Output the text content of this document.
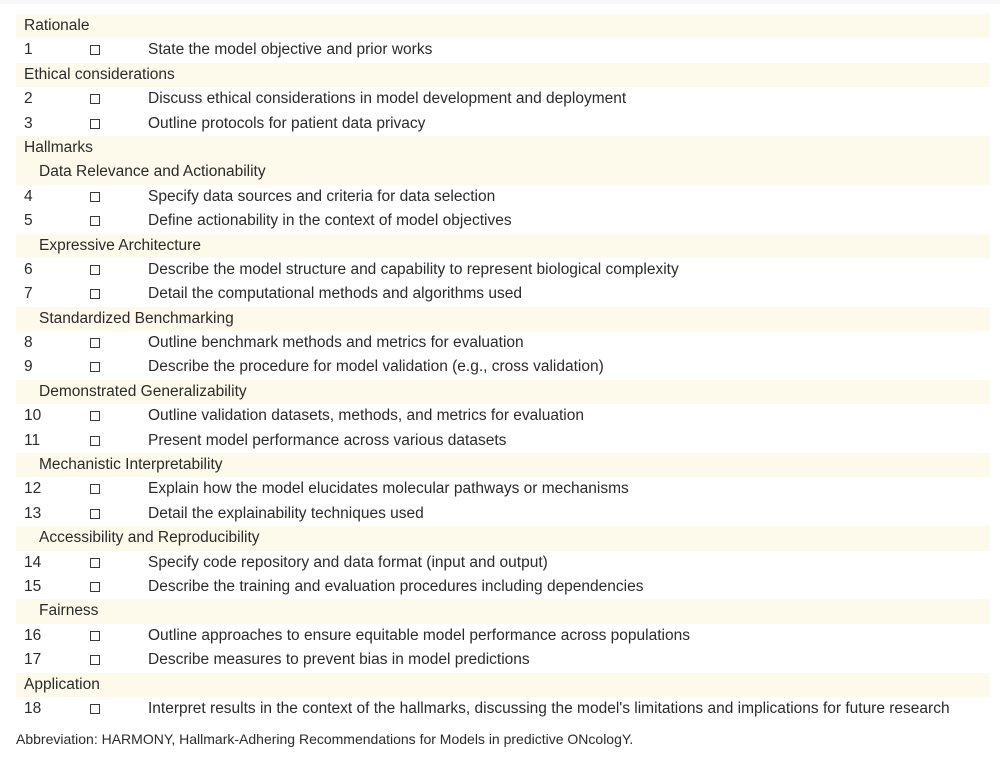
Rationale
1	State the model objective and prior works
Ethical considerations
2	Discuss ethical considerations in model development and deployment
3	Outline protocols for patient data privacy
Hallmarks
Data Relevance and Actionability
4	Specify data sources and criteria for data selection
5	Define actionability in the context of model objectives
Expressive Architecture
6	Describe the model structure and capability to represent biological complexity
7	Detail the computational methods and algorithms used
Standardized Benchmarking
8	Outline benchmark methods and metrics for evaluation
9	Describe the procedure for model validation (e.g., cross validation)
Demonstrated Generalizability
10	Outline validation datasets, methods, and metrics for evaluation
11	Present model performance across various datasets
Mechanistic Interpretability
12	Explain how the model elucidates molecular pathways or mechanisms
13	Detail the explainability techniques used
Accessibility and Reproducibility
14	Specify code repository and data format (input and output)
15	Describe the training and evaluation procedures including dependencies
Fairness
16	Outline approaches to ensure equitable model performance across populations
17	Describe measures to prevent bias in model predictions
Application
18	Interpret results in the context of the hallmarks, discussing the model's limitations and implications for future research
Abbreviation: HARMONY, Hallmark-Adhering Recommendations for Models in predictive ONcologY.
